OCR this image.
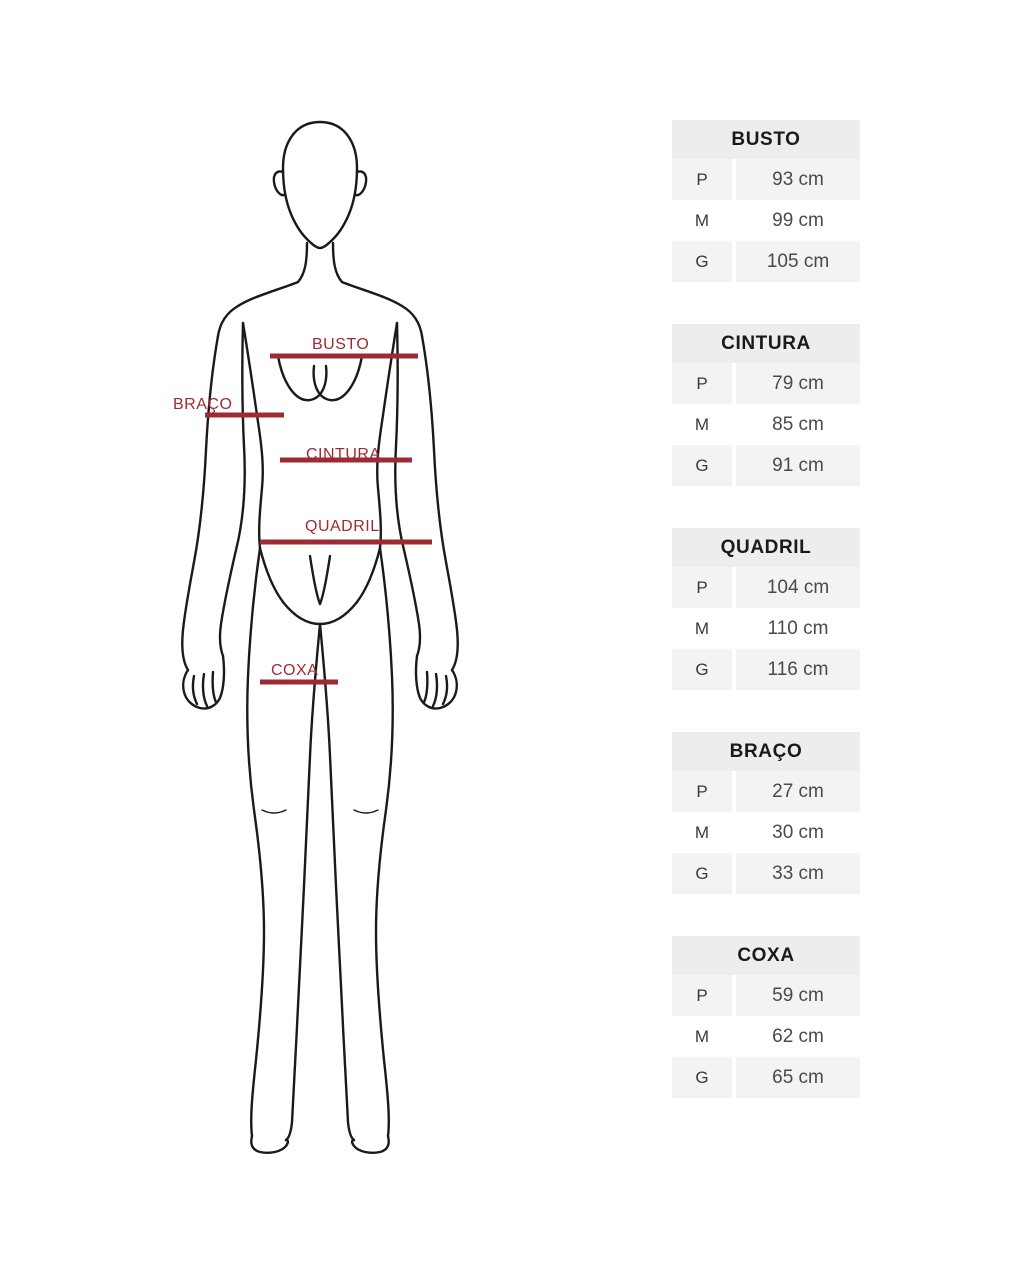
BUSTO
BRAÇO
CINTURA
QUADRIL
COXA
BUSTO
P	93 cm
M	99 cm
G	105 cm
CINTURA
P	79 cm
M	85 cm
G	91 cm
QUADRIL
P	104 cm
M	110 cm
G	116 cm
BRAÇO
P	27 cm
M	30 cm
G	33 cm
COXA
P	59 cm
M	62 cm
G	65 cm
